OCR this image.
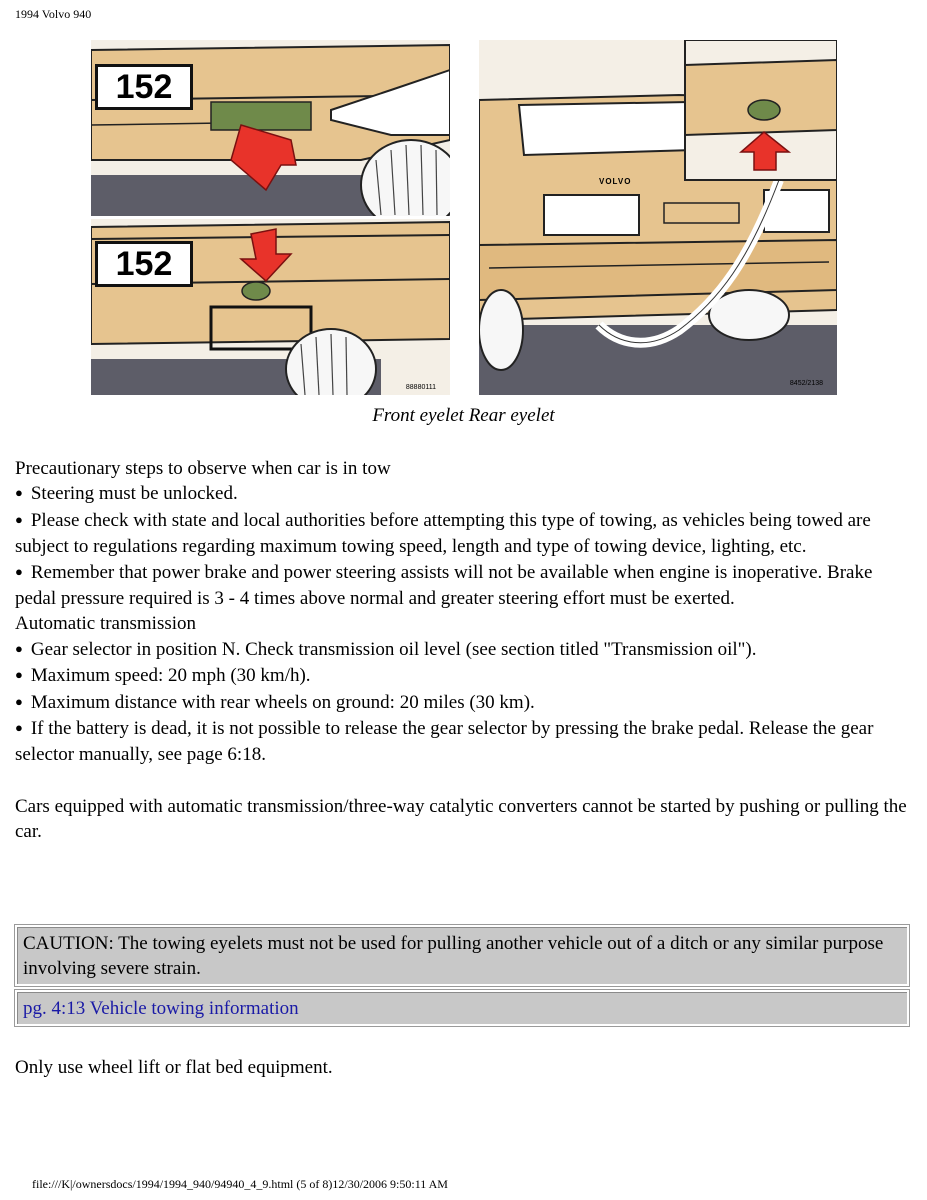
1994 Volvo 940
152
152
88880111
VOLVO
8452/2138
Front eyelet Rear eyelet

Precautionary steps to observe when car is in tow

● Steering must be unlocked.

● Please check with state and local authorities before attempting this type of towing, as vehicles being towed are subject to regulations regarding maximum towing speed, length and type of towing device, lighting, etc.

● Remember that power brake and power steering assists will not be available when engine is inoperative. Brake pedal pressure required is 3 - 4 times above normal and greater steering effort must be exerted.

Automatic transmission

● Gear selector in position N. Check transmission oil level (see section titled "Transmission oil").

● Maximum speed: 20 mph (30 km/h).

● Maximum distance with rear wheels on ground: 20 miles (30 km).

● If the battery is dead, it is not possible to release the gear selector by pressing the brake pedal. Release the gear selector manually, see page 6:18.

Cars equipped with automatic transmission/three-way catalytic converters cannot be started by pushing or pulling the car.

CAUTION: The towing eyelets must not be used for pulling another vehicle out of a ditch or any similar purpose involving severe strain.
pg. 4:13 Vehicle towing information
Only use wheel lift or flat bed equipment.
file:///K|/ownersdocs/1994/1994_940/94940_4_9.html (5 of 8)12/30/2006 9:50:11 AM
